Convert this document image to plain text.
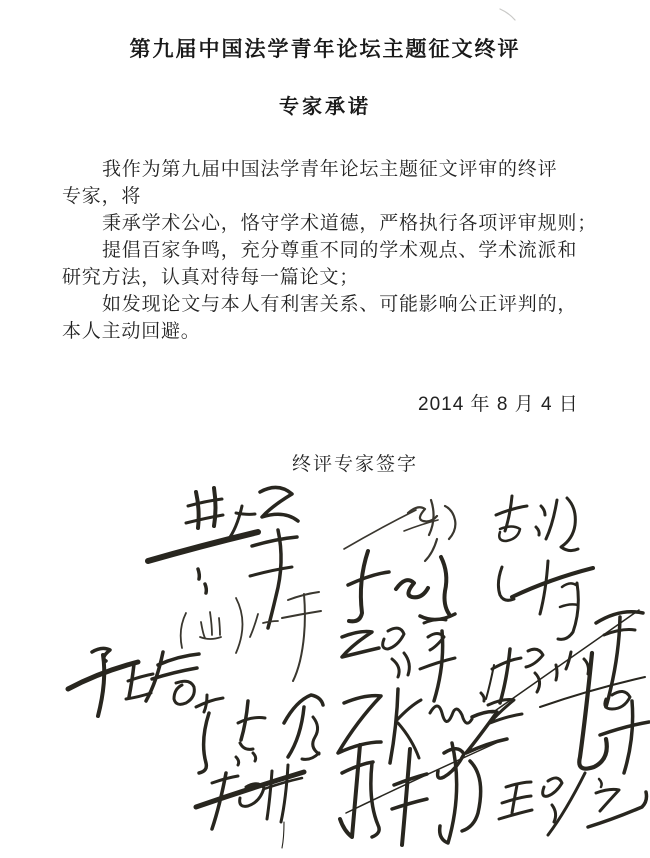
第九届中国法学青年论坛主题征文终评
专家承诺
我作为第九届中国法学青年论坛主题征文评审的终评
专家，将
秉承学术公心，恪守学术道德，严格执行各项评审规则；
提倡百家争鸣，充分尊重不同的学术观点、学术流派和
研究方法，认真对待每一篇论文；
如发现论文与本人有利害关系、可能影响公正评判的，
本人主动回避。
2014 年 8 月 4 日
终评专家签字
